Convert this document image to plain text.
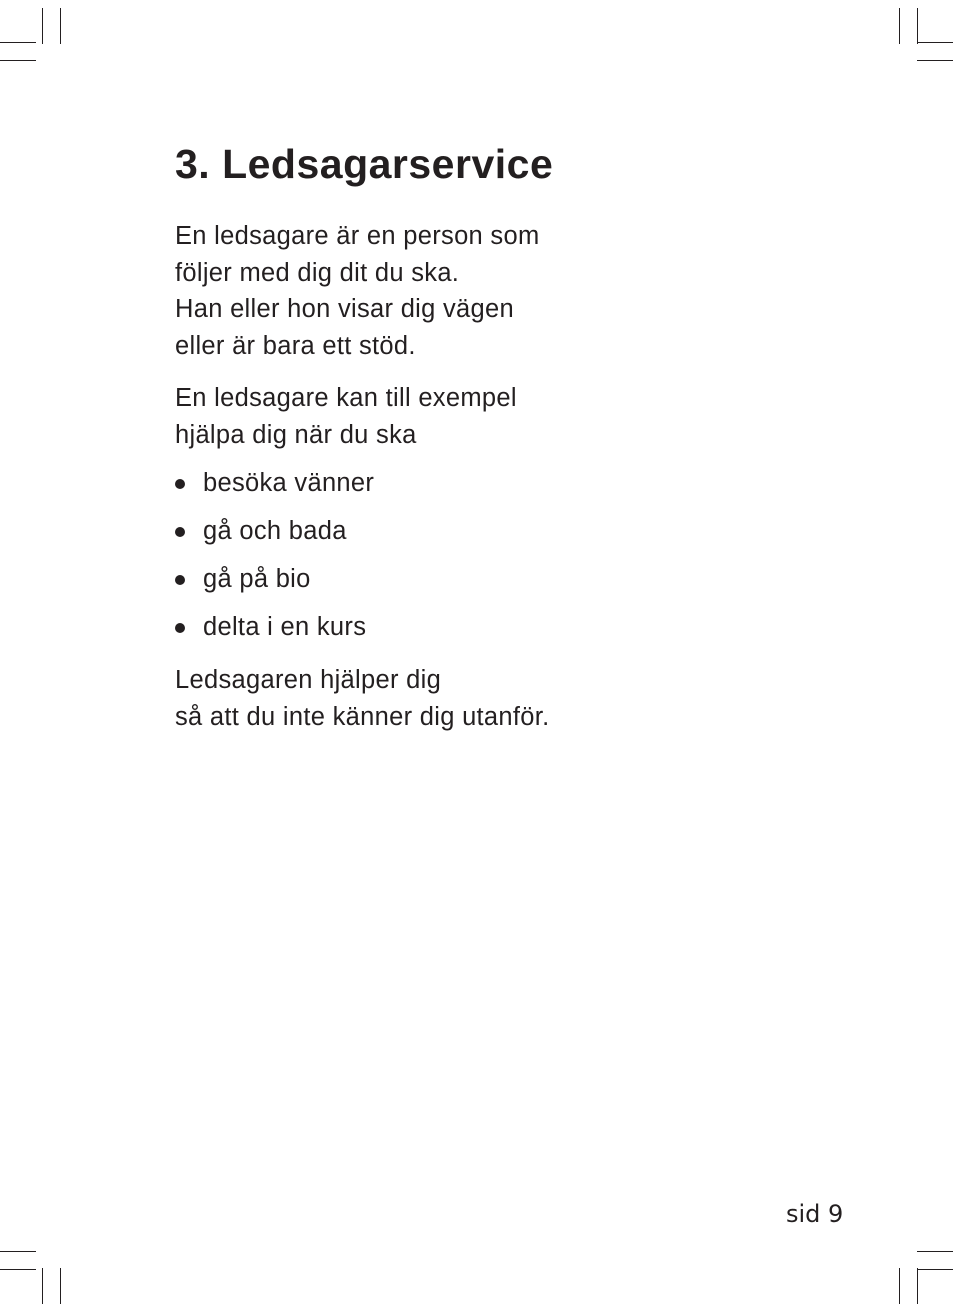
3. Ledsagarservice

En ledsagare är en person som
följer med dig dit du ska.
Han eller hon visar dig vägen
eller är bara ett stöd.

En ledsagare kan till exempel
hjälpa dig när du ska

besöka vänner
gå och bada
gå på bio
delta i en kurs

Ledsagaren hjälper dig
så att du inte känner dig utanför.

sid 9
